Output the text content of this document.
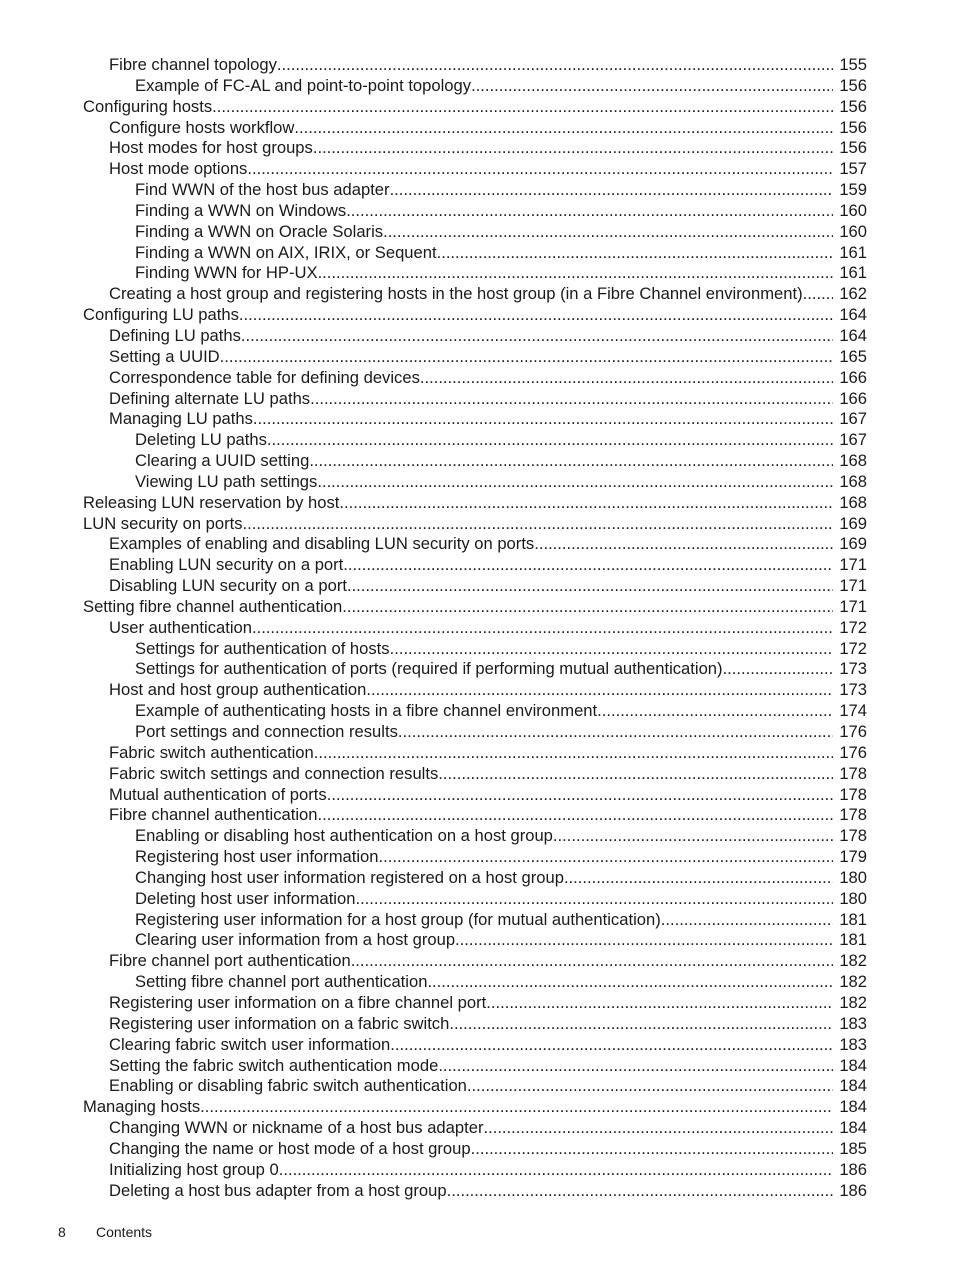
Fibre channel topology .....	155
Example of FC-AL and point-to-point topology .....	156
Configuring hosts .....	156
Configure hosts workflow .....	156
Host modes for host groups .....	156
Host mode options .....	157
Find WWN of the host bus adapter .....	159
Finding a WWN on Windows .....	160
Finding a WWN on Oracle Solaris .....	160
Finding a WWN on AIX, IRIX, or Sequent .....	161
Finding WWN for HP-UX .....	161
Creating a host group and registering hosts in the host group (in a Fibre Channel environment) .....	162
Configuring LU paths .....	164
Defining LU paths .....	164
Setting a UUID .....	165
Correspondence table for defining devices .....	166
Defining alternate LU paths .....	166
Managing LU paths .....	167
Deleting LU paths .....	167
Clearing a UUID setting .....	168
Viewing LU path settings .....	168
Releasing LUN reservation by host .....	168
LUN security on ports .....	169
Examples of enabling and disabling LUN security on ports .....	169
Enabling LUN security on a port .....	171
Disabling LUN security on a port .....	171
Setting fibre channel authentication .....	171
User authentication .....	172
Settings for authentication of hosts .....	172
Settings for authentication of ports (required if performing mutual authentication) .....	173
Host and host group authentication .....	173
Example of authenticating hosts in a fibre channel environment .....	174
Port settings and connection results .....	176
Fabric switch authentication .....	176
Fabric switch settings and connection results .....	178
Mutual authentication of ports .....	178
Fibre channel authentication .....	178
Enabling or disabling host authentication on a host group .....	178
Registering host user information .....	179
Changing host user information registered on a host group .....	180
Deleting host user information .....	180
Registering user information for a host group (for mutual authentication) .....	181
Clearing user information from a host group .....	181
Fibre channel port authentication .....	182
Setting fibre channel port authentication .....	182
Registering user information on a fibre channel port .....	182
Registering user information on a fabric switch .....	183
Clearing fabric switch user information .....	183
Setting the fabric switch authentication mode .....	184
Enabling or disabling fabric switch authentication .....	184
Managing hosts .....	184
Changing WWN or nickname of a host bus adapter .....	184
Changing the name or host mode of a host group .....	185
Initializing host group 0 .....	186
Deleting a host bus adapter from a host group .....	186
8 Contents
